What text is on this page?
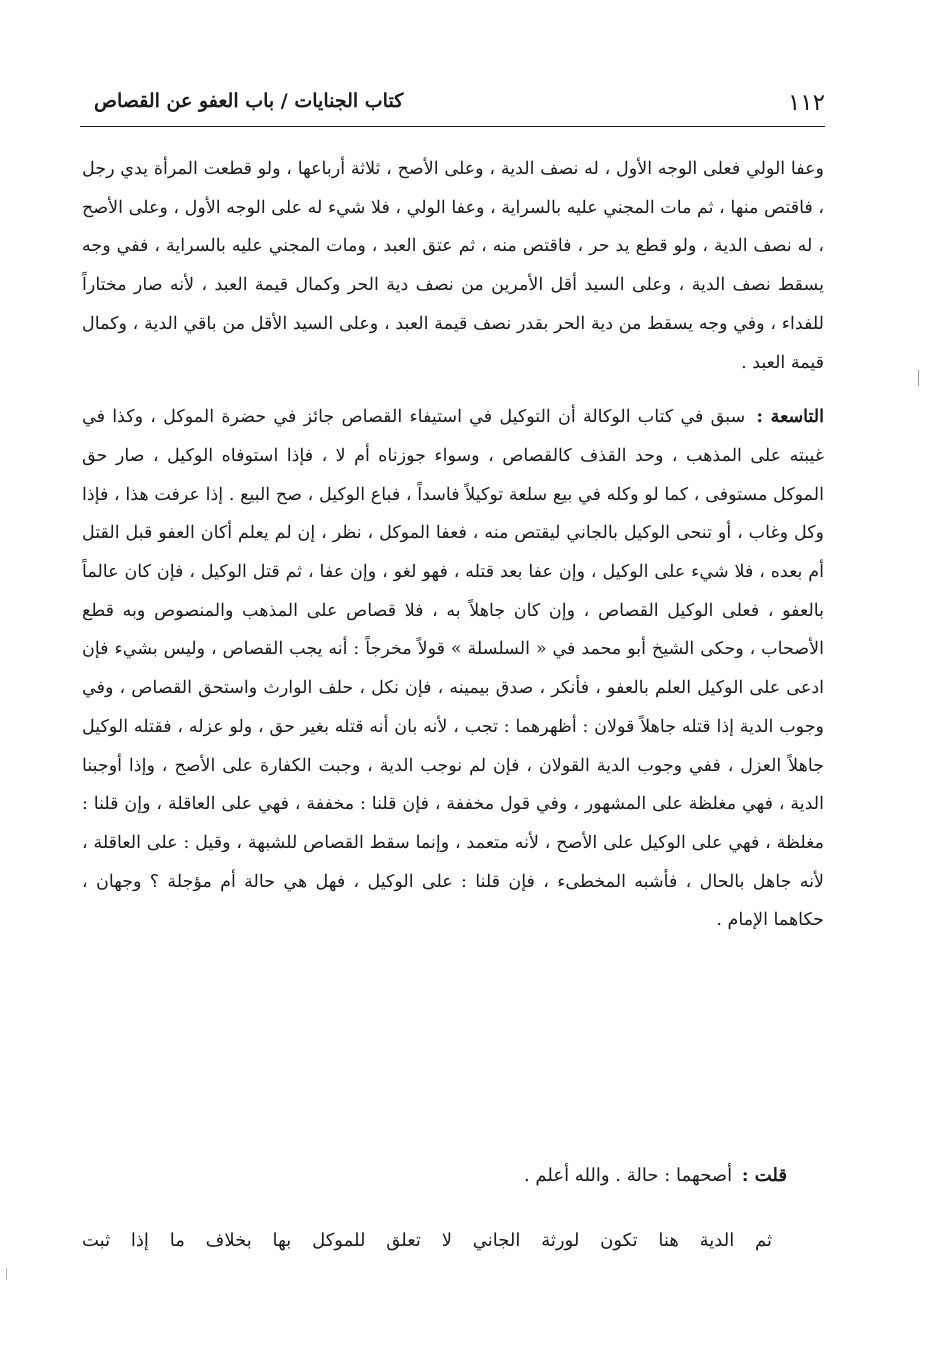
١١٢
كتاب الجنايات / باب العفو عن القصاص

وعفا الولي فعلى الوجه الأول ، له نصف الدية ، وعلى الأصح ، ثلاثة أرباعها ، ولو قطعت المرأة يدي رجل ، فاقتص منها ، ثم مات المجني عليه بالسراية ، وعفا الولي ، فلا شيء له على الوجه الأول ، وعلى الأصح ، له نصف الدية ، ولو قطع يد حر ، فاقتص منه ، ثم عتق العبد ، ومات المجني عليه بالسراية ، ففي وجه يسقط نصف الدية ، وعلى السيد أقل الأمرين من نصف دية الحر وكمال قيمة العبد ، لأنه صار مختاراً للفداء ، وفي وجه يسقط من دية الحر بقدر نصف قيمة العبد ، وعلى السيد الأقل من باقي الدية ، وكمال قيمة العبد .

التاسعة : سبق في كتاب الوكالة أن التوكيل في استيفاء القصاص جائز في حضرة الموكل ، وكذا في غيبته على المذهب ، وحد القذف كالقصاص ، وسواء جوزناه أم لا ، فإذا استوفاه الوكيل ، صار حق الموكل مستوفى ، كما لو وكله في بيع سلعة توكيلاً فاسداً ، فباع الوكيل ، صح البيع . إذا عرفت هذا ، فإذا وكل وغاب ، أو تنحى الوكيل بالجاني ليقتص منه ، فعفا الموكل ، نظر ، إن لم يعلم أكان العفو قبل القتل أم بعده ، فلا شيء على الوكيل ، وإن عفا بعد قتله ، فهو لغو ، وإن عفا ، ثم قتل الوكيل ، فإن كان عالماً بالعفو ، فعلى الوكيل القصاص ، وإن كان جاهلاً به ، فلا قصاص على المذهب والمنصوص وبه قطع الأصحاب ، وحكى الشيخ أبو محمد في « السلسلة » قولاً مخرجاً : أنه يجب القصاص ، وليس بشيء فإن ادعى على الوكيل العلم بالعفو ، فأنكر ، صدق بيمينه ، فإن نكل ، حلف الوارث واستحق القصاص ، وفي وجوب الدية إذا قتله جاهلاً قولان : أظهرهما : تجب ، لأنه بان أنه قتله بغير حق ، ولو عزله ، فقتله الوكيل جاهلاً العزل ، ففي وجوب الدية القولان ، فإن لم نوجب الدية ، وجبت الكفارة على الأصح ، وإذا أوجبنا الدية ، فهي مغلظة على المشهور ، وفي قول مخففة ، فإن قلنا : مخففة ، فهي على العاقلة ، وإن قلنا : مغلظة ، فهي على الوكيل على الأصح ، لأنه متعمد ، وإنما سقط القصاص للشبهة ، وقيل : على العاقلة ، لأنه جاهل بالحال ، فأشبه المخطىء ، فإن قلنا : على الوكيل ، فهل هي حالة أم مؤجلة ؟ وجهان ، حكاهما الإمام .

قلت : أصحهما : حالة . والله أعلم .
ثم الدية هنا تكون لورثة الجاني لا تعلق للموكل بها بخلاف ما إذا ثبت
